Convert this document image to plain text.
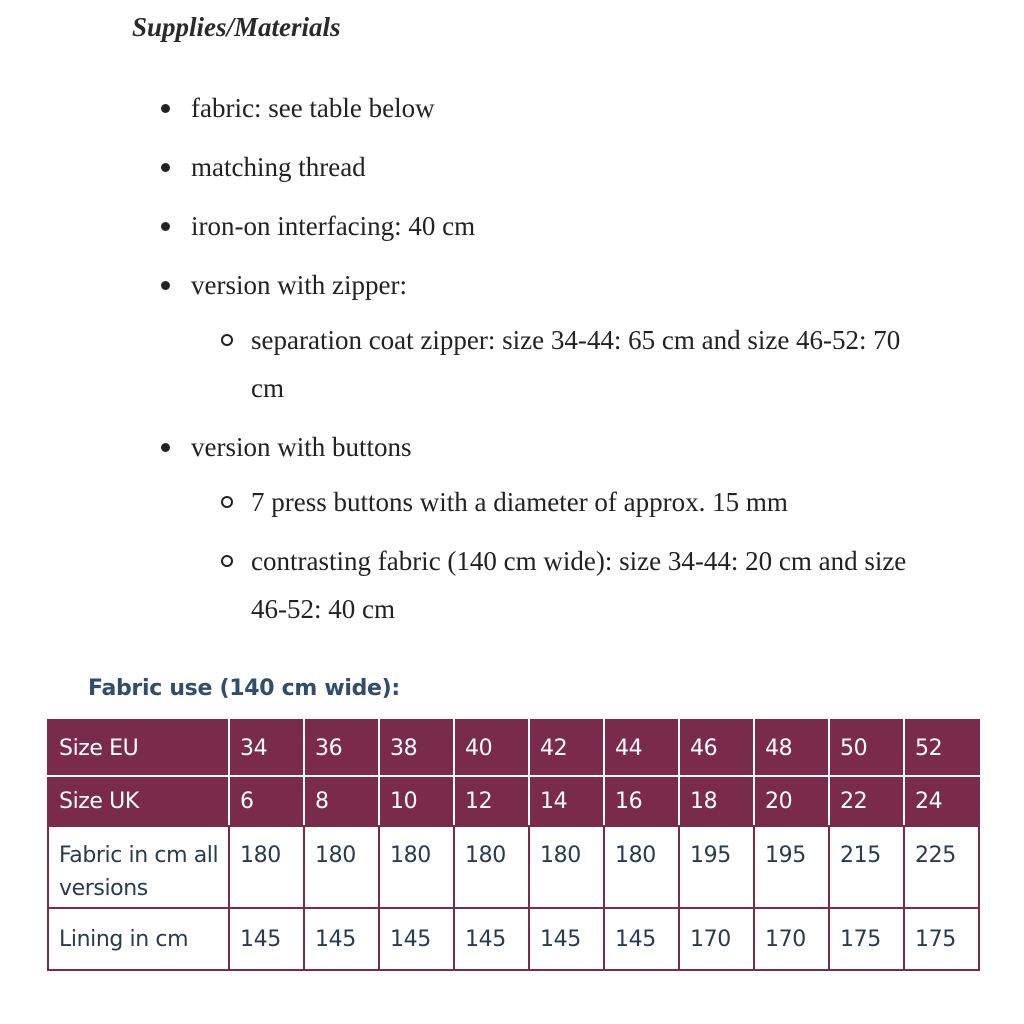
Supplies/Materials
fabric: see table below
matching thread
iron-on interfacing: 40 cm
version with zipper:
separation coat zipper: size 34-44: 65 cm and size 46-52: 70 cm
version with buttons
7 press buttons with a diameter of approx. 15 mm
contrasting fabric (140 cm wide): size 34-44: 20 cm and size 46-52: 40 cm
Fabric use (140 cm wide):
Size EU	34	36	38	40	42	44	46	48	50	52
Size UK	6	8	10	12	14	16	18	20	22	24
Fabric in cm all versions	180	180	180	180	180	180	195	195	215	225
Lining in cm	145	145	145	145	145	145	170	170	175	175
